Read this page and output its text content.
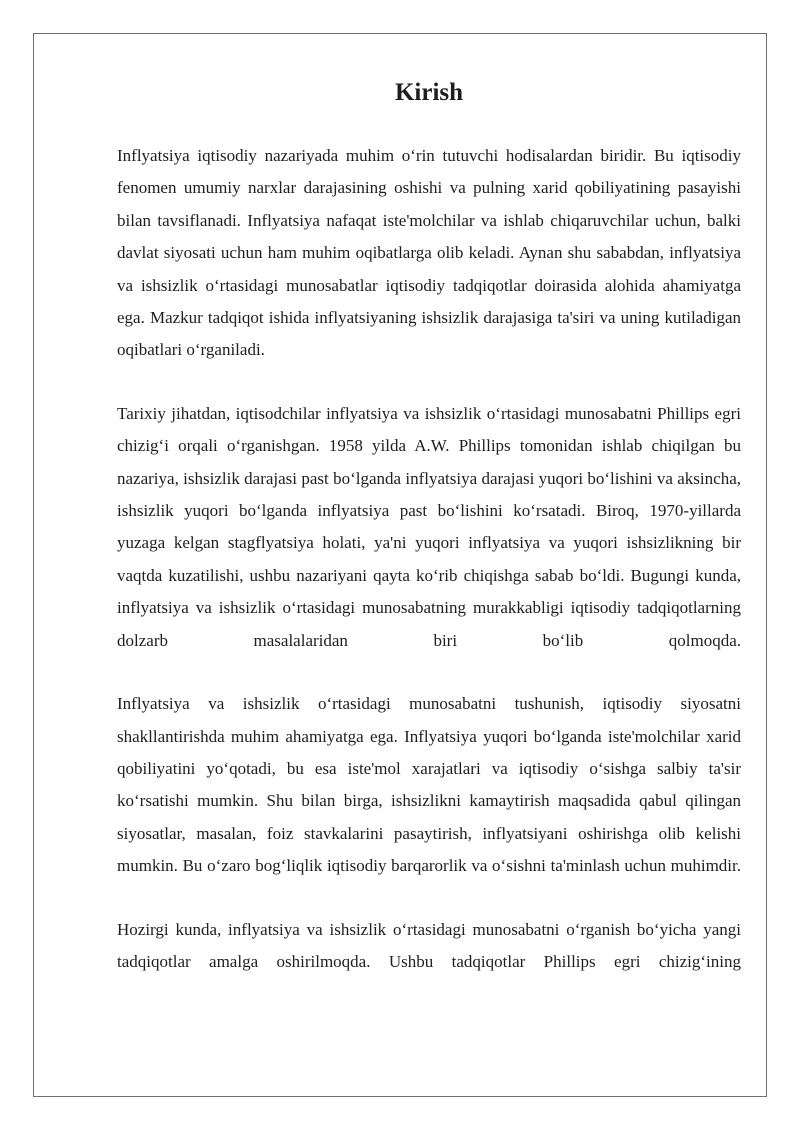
Kirish

Inflyatsiya iqtisodiy nazariyada muhim o‘rin tutuvchi hodisalardan biridir. Bu iqtisodiy fenomen umumiy narxlar darajasining oshishi va pulning xarid qobiliyatining pasayishi bilan tavsiflanadi. Inflyatsiya nafaqat iste'molchilar va ishlab chiqaruvchilar uchun, balki davlat siyosati uchun ham muhim oqibatlarga olib keladi. Aynan shu sababdan, inflyatsiya va ishsizlik o‘rtasidagi munosabatlar iqtisodiy tadqiqotlar doirasida alohida ahamiyatga ega. Mazkur tadqiqot ishida inflyatsiyaning ishsizlik darajasiga ta'siri va uning kutiladigan oqibatlari o‘rganiladi.

Tarixiy jihatdan, iqtisodchilar inflyatsiya va ishsizlik o‘rtasidagi munosabatni Phillips egri chizig‘i orqali o‘rganishgan. 1958 yilda A.W. Phillips tomonidan ishlab chiqilgan bu nazariya, ishsizlik darajasi past bo‘lganda inflyatsiya darajasi yuqori bo‘lishini va aksincha, ishsizlik yuqori bo‘lganda inflyatsiya past bo‘lishini ko‘rsatadi. Biroq, 1970-yillarda yuzaga kelgan stagflyatsiya holati, ya'ni yuqori inflyatsiya va yuqori ishsizlikning bir vaqtda kuzatilishi, ushbu nazariyani qayta ko‘rib chiqishga sabab bo‘ldi. Bugungi kunda, inflyatsiya va ishsizlik o‘rtasidagi munosabatning murakkabligi iqtisodiy tadqiqotlarning dolzarb masalalaridan biri bo‘lib qolmoqda.

Inflyatsiya va ishsizlik o‘rtasidagi munosabatni tushunish, iqtisodiy siyosatni shakllantirishda muhim ahamiyatga ega. Inflyatsiya yuqori bo‘lganda iste'molchilar xarid qobiliyatini yo‘qotadi, bu esa iste'mol xarajatlari va iqtisodiy o‘sishga salbiy ta'sir ko‘rsatishi mumkin. Shu bilan birga, ishsizlikni kamaytirish maqsadida qabul qilingan siyosatlar, masalan, foiz stavkalarini pasaytirish, inflyatsiyani oshirishga olib kelishi mumkin. Bu o‘zaro bog‘liqlik iqtisodiy barqarorlik va o‘sishni ta'minlash uchun muhimdir.

Hozirgi kunda, inflyatsiya va ishsizlik o‘rtasidagi munosabatni o‘rganish bo‘yicha yangi tadqiqotlar amalga oshirilmoqda. Ushbu tadqiqotlar Phillips egri chizig‘ining
